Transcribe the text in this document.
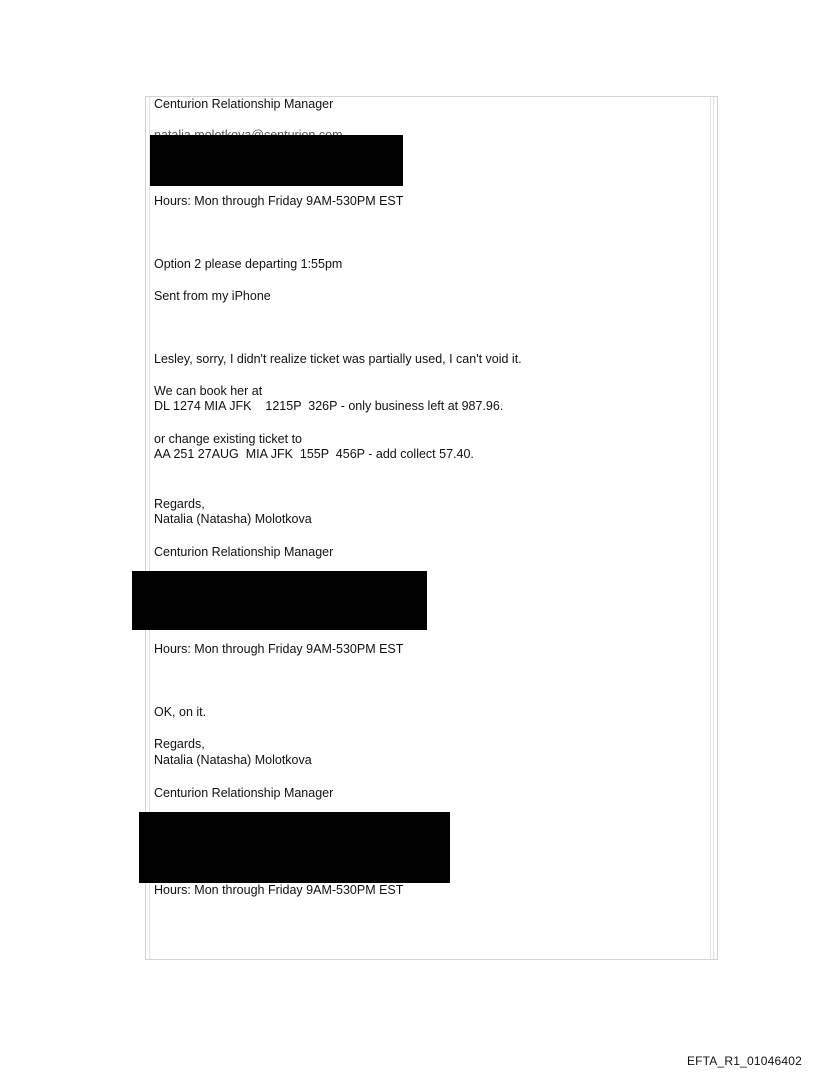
Centurion Relationship Manager
Hours: Mon through Friday 9AM-530PM EST
Option 2 please departing 1:55pm
Sent from my iPhone
Lesley, sorry, I didn't realize ticket was partially used, I can't void it.
We can book her at
DL 1274 MIA JFK    1215P  326P - only business left at 987.96.
or change existing ticket to
AA 251 27AUG  MIA JFK  155P  456P - add collect 57.40.
Regards,
Natalia (Natasha) Molotkova
Centurion Relationship Manager
Hours: Mon through Friday 9AM-530PM EST
OK, on it.
Regards,
Natalia (Natasha) Molotkova
Centurion Relationship Manager
Hours: Mon through Friday 9AM-530PM EST
EFTA_R1_01046402
